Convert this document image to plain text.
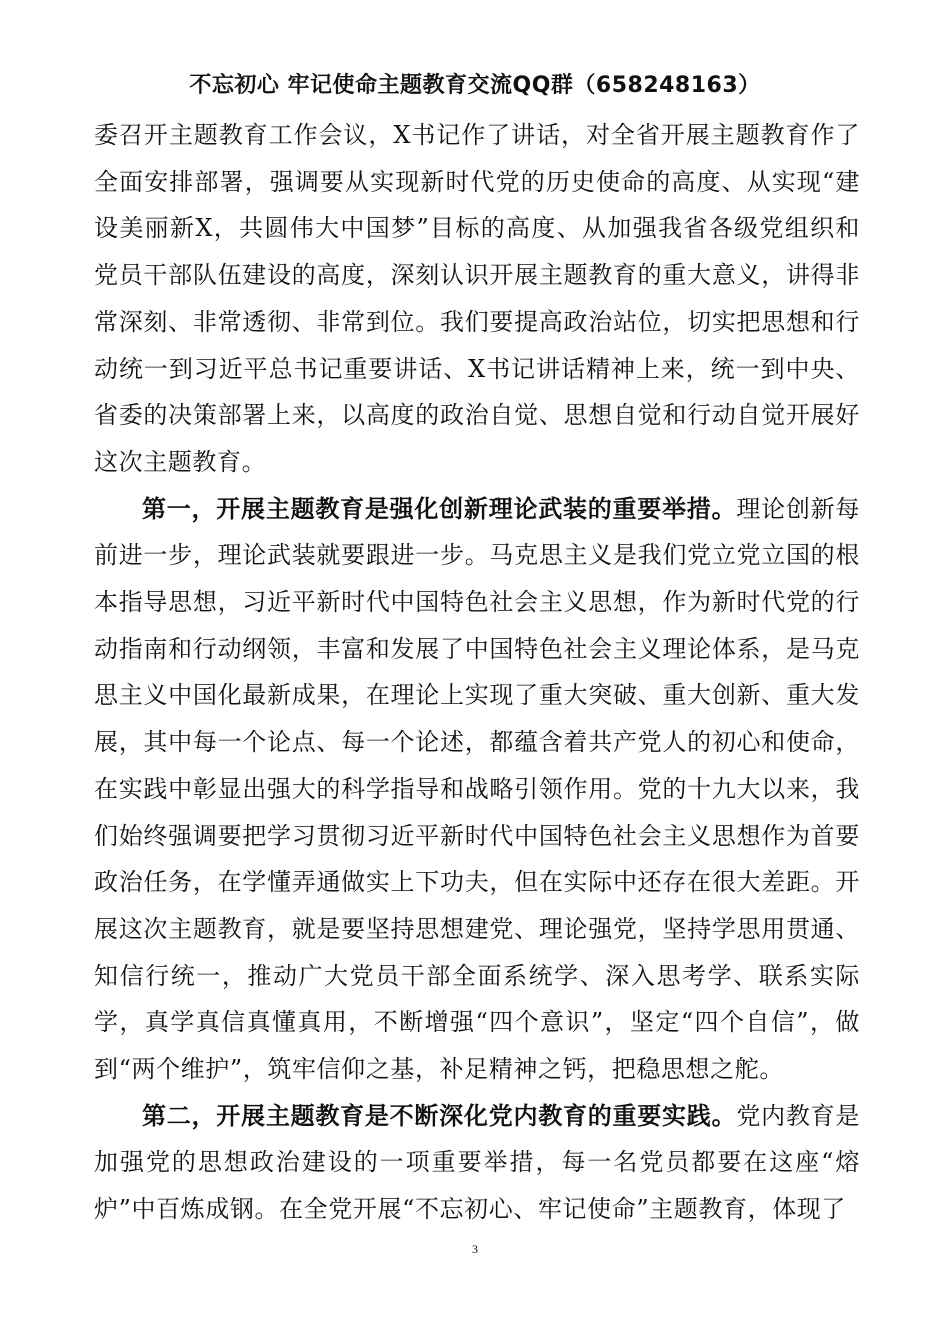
不忘初心 牢记使命主题教育交流QQ群（658248163）

委召开主题教育工作会议，X书记作了讲话，对全省开展主题教育作了全面安排部署，强调要从实现新时代党的历史使命的高度、从实现“建设美丽新X，共圆伟大中国梦”目标的高度、从加强我省各级党组织和党员干部队伍建设的高度，深刻认识开展主题教育的重大意义，讲得非常深刻、非常透彻、非常到位。我们要提高政治站位，切实把思想和行动统一到习近平总书记重要讲话、X书记讲话精神上来，统一到中央、省委的决策部署上来，以高度的政治自觉、思想自觉和行动自觉开展好这次主题教育。

第一，开展主题教育是强化创新理论武装的重要举措。理论创新每前进一步，理论武装就要跟进一步。马克思主义是我们党立党立国的根本指导思想，习近平新时代中国特色社会主义思想，作为新时代党的行动指南和行动纲领，丰富和发展了中国特色社会主义理论体系，是马克思主义中国化最新成果，在理论上实现了重大突破、重大创新、重大发展，其中每一个论点、每一个论述，都蕴含着共产党人的初心和使命，在实践中彰显出强大的科学指导和战略引领作用。党的十九大以来，我们始终强调要把学习贯彻习近平新时代中国特色社会主义思想作为首要政治任务，在学懂弄通做实上下功夫，但在实际中还存在很大差距。开展这次主题教育，就是要坚持思想建党、理论强党，坚持学思用贯通、知信行统一，推动广大党员干部全面系统学、深入思考学、联系实际学，真学真信真懂真用，不断增强“四个意识”，坚定“四个自信”，做到“两个维护”，筑牢信仰之基，补足精神之钙，把稳思想之舵。

第二，开展主题教育是不断深化党内教育的重要实践。党内教育是加强党的思想政治建设的一项重要举措，每一名党员都要在这座“熔炉”中百炼成钢。在全党开展“不忘初心、牢记使命”主题教育，体现了

3
